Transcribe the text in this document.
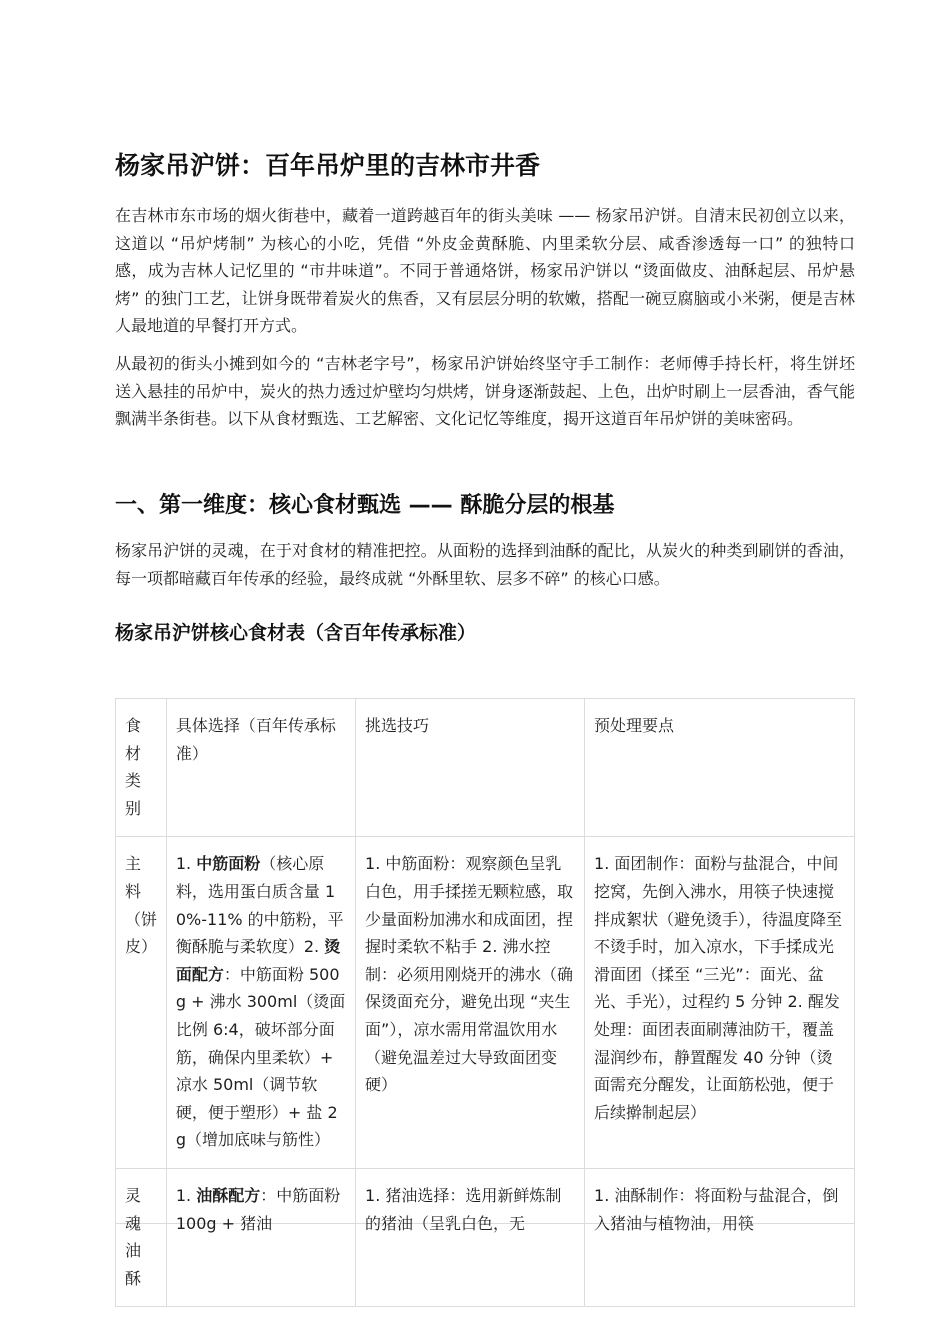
杨家吊沪饼：百年吊炉里的吉林市井香

在吉林市东市场的烟火街巷中，藏着一道跨越百年的街头美味 —— 杨家吊沪饼。自清末民初创立以来，这道以 “吊炉烤制” 为核心的小吃，凭借 “外皮金黄酥脆、内里柔软分层、咸香渗透每一口” 的独特口感，成为吉林人记忆里的 “市井味道”。不同于普通烙饼，杨家吊沪饼以 “烫面做皮、油酥起层、吊炉悬烤” 的独门工艺，让饼身既带着炭火的焦香，又有层层分明的软嫩，搭配一碗豆腐脑或小米粥，便是吉林人最地道的早餐打开方式。

从最初的街头小摊到如今的 “吉林老字号”，杨家吊沪饼始终坚守手工制作：老师傅手持长杆，将生饼坯送入悬挂的吊炉中，炭火的热力透过炉壁均匀烘烤，饼身逐渐鼓起、上色，出炉时刷上一层香油，香气能飘满半条街巷。以下从食材甄选、工艺解密、文化记忆等维度，揭开这道百年吊炉饼的美味密码。

一、第一维度：核心食材甄选 —— 酥脆分层的根基

杨家吊沪饼的灵魂，在于对食材的精准把控。从面粉的选择到油酥的配比，从炭火的种类到刷饼的香油，每一项都暗藏百年传承的经验，最终成就 “外酥里软、层多不碎” 的核心口感。

杨家吊沪饼核心食材表（含百年传承标准）
食材类别	具体选择（百年传承标准）	挑选技巧	预处理要点
主料（饼皮）	1. 中筋面粉（核心原料，选用蛋白质含量 10%-11% 的中筋粉，平衡酥脆与柔软度）2. 烫面配方：中筋面粉 500g + 沸水 300ml（烫面比例 6:4，破坏部分面筋，确保内里柔软）+ 凉水 50ml（调节软硬，便于塑形）+ 盐 2g（增加底味与筋性）	1. 中筋面粉：观察颜色呈乳白色，用手揉搓无颗粒感，取少量面粉加沸水和成面团，捏握时柔软不粘手 2. 沸水控制：必须用刚烧开的沸水（确保烫面充分，避免出现 “夹生面”），凉水需用常温饮用水（避免温差过大导致面团变硬）	1. 面团制作：面粉与盐混合，中间挖窝，先倒入沸水，用筷子快速搅拌成絮状（避免烫手），待温度降至不烫手时，加入凉水，下手揉成光滑面团（揉至 “三光”：面光、盆光、手光），过程约 5 分钟 2. 醒发处理：面团表面刷薄油防干，覆盖湿润纱布，静置醒发 40 分钟（烫面需充分醒发，让面筋松弛，便于后续擀制起层）
灵魂油酥	1. 油酥配方：中筋面粉 100g + 猪油	1. 猪油选择：选用新鲜炼制的猪油（呈乳白色，无	1. 油酥制作：将面粉与盐混合，倒入猪油与植物油，用筷
